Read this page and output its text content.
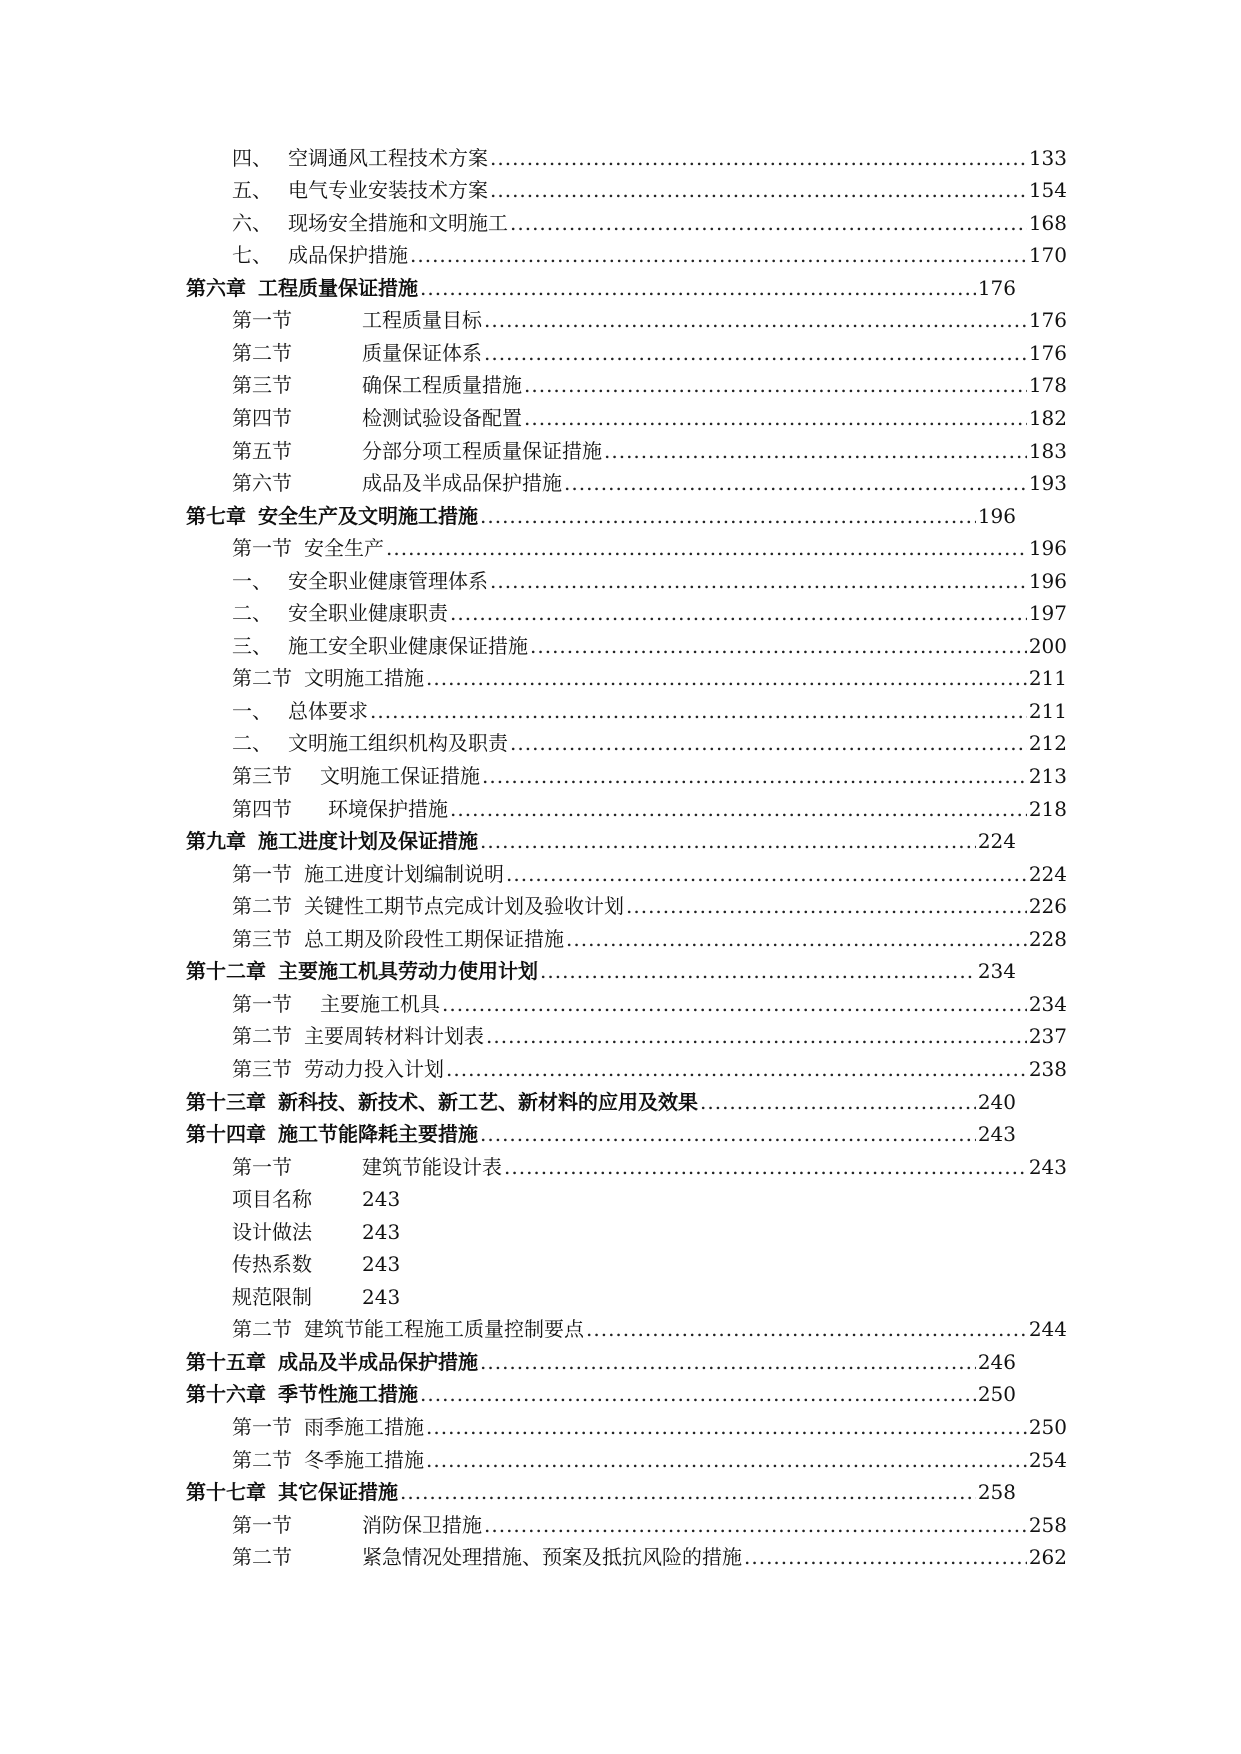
四、 空调通风工程技术方案 .....	133
五、 电气专业安装技术方案 .....	154
六、 现场安全措施和文明施工 .....	168
七、 成品保护措施 .....	170
第六章 工程质量保证措施 .....	176
第一节	工程质量目标 .....	176
第二节	质量保证体系 .....	176
第三节	确保工程质量措施 .....	178
第四节	检测试验设备配置 .....	182
第五节	分部分项工程质量保证措施 .....	183
第六节	成品及半成品保护措施 .....	193
第七章 安全生产及文明施工措施 .....	196
第一节 安全生产 .....	196
一、 安全职业健康管理体系 .....	196
二、 安全职业健康职责 .....	197
三、 施工安全职业健康保证措施 .....	200
第二节 文明施工措施 .....	211
一、 总体要求 .....	211
二、 文明施工组织机构及职责 .....	212
第三节	文明施工保证措施 .....	213
第四节	环境保护措施 .....	218
第九章 施工进度计划及保证措施 .....	224
第一节 施工进度计划编制说明 .....	224
第二节 关键性工期节点完成计划及验收计划 .....	226
第三节 总工期及阶段性工期保证措施 .....	228
第十二章 主要施工机具劳动力使用计划 .....	234
第一节	主要施工机具 .....	234
第二节 主要周转材料计划表 .....	237
第三节 劳动力投入计划 .....	238
第十三章 新科技、新技术、新工艺、新材料的应用及效果 .....	240
第十四章 施工节能降耗主要措施 .....	243
第一节	建筑节能设计表 .....	243
项目名称	243
设计做法	243
传热系数	243
规范限制	243
第二节 建筑节能工程施工质量控制要点 .....	244
第十五章 成品及半成品保护措施 .....	246
第十六章 季节性施工措施 .....	250
第一节 雨季施工措施 .....	250
第二节 冬季施工措施 .....	254
第十七章 其它保证措施 .....	258
第一节	消防保卫措施 .....	258
第二节	紧急情况处理措施、预案及抵抗风险的措施 .....	262
